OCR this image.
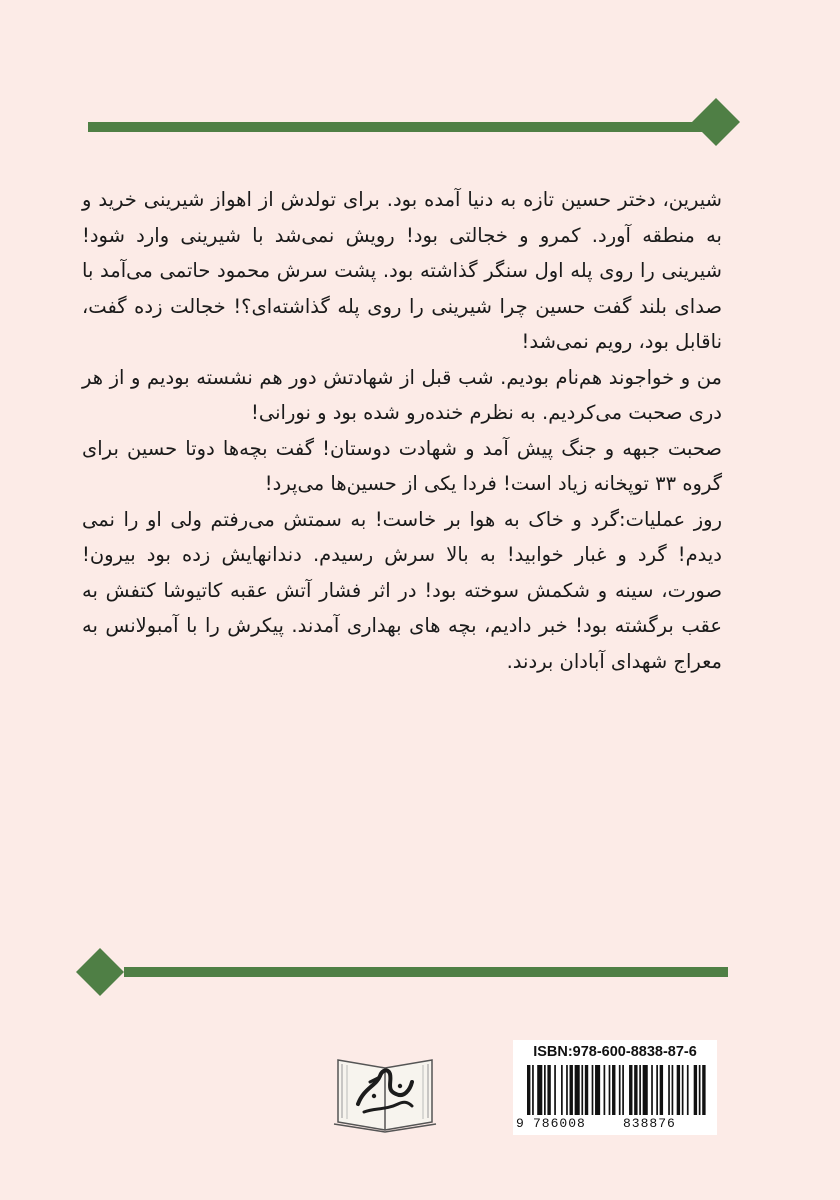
شیرین، دختر حسین تازه به دنیا آمده بود. برای تولدش از اهواز شیرینی خرید و به منطقه آورد. کمرو و خجالتی بود! رویش نمی‌شد با شیرینی وارد شود! شیرینی را روی پله اول سنگر گذاشته بود. پشت سرش محمود حاتمی می‌آمد با صدای بلند گفت حسین چرا شیرینی را روی پله گذاشته‌ای؟! خجالت زده گفت، ناقابل بود، رویم نمی‌شد!

من و خواجوند هم‌نام بودیم. شب قبل از شهادتش دور هم نشسته بودیم و از هر دری صحبت می‌کردیم. به نظرم خنده‌رو شده بود و نورانی!

صحبت جبهه و جنگ پیش آمد و شهادت دوستان! گفت بچه‌ها دوتا حسین برای گروه ۳۳ توپخانه زیاد است! فردا یکی از حسین‌ها می‌پرد!

روز عملیات:گرد و خاک به هوا بر خاست! به سمتش می‌رفتم ولی او را نمی دیدم! گرد و غبار خوابید! به بالا سرش رسیدم. دندانهایش زده بود بیرون! صورت، سینه و شکمش سوخته بود! در اثر فشار آتش عقبه کاتیوشا کتفش به عقب برگشته بود! خبر دادیم، بچه های بهداری آمدند. پیکرش را با آمبولانس به معراج شهدای آبادان بردند.

ISBN:978-600-8838-87-6
9 786008	838876
